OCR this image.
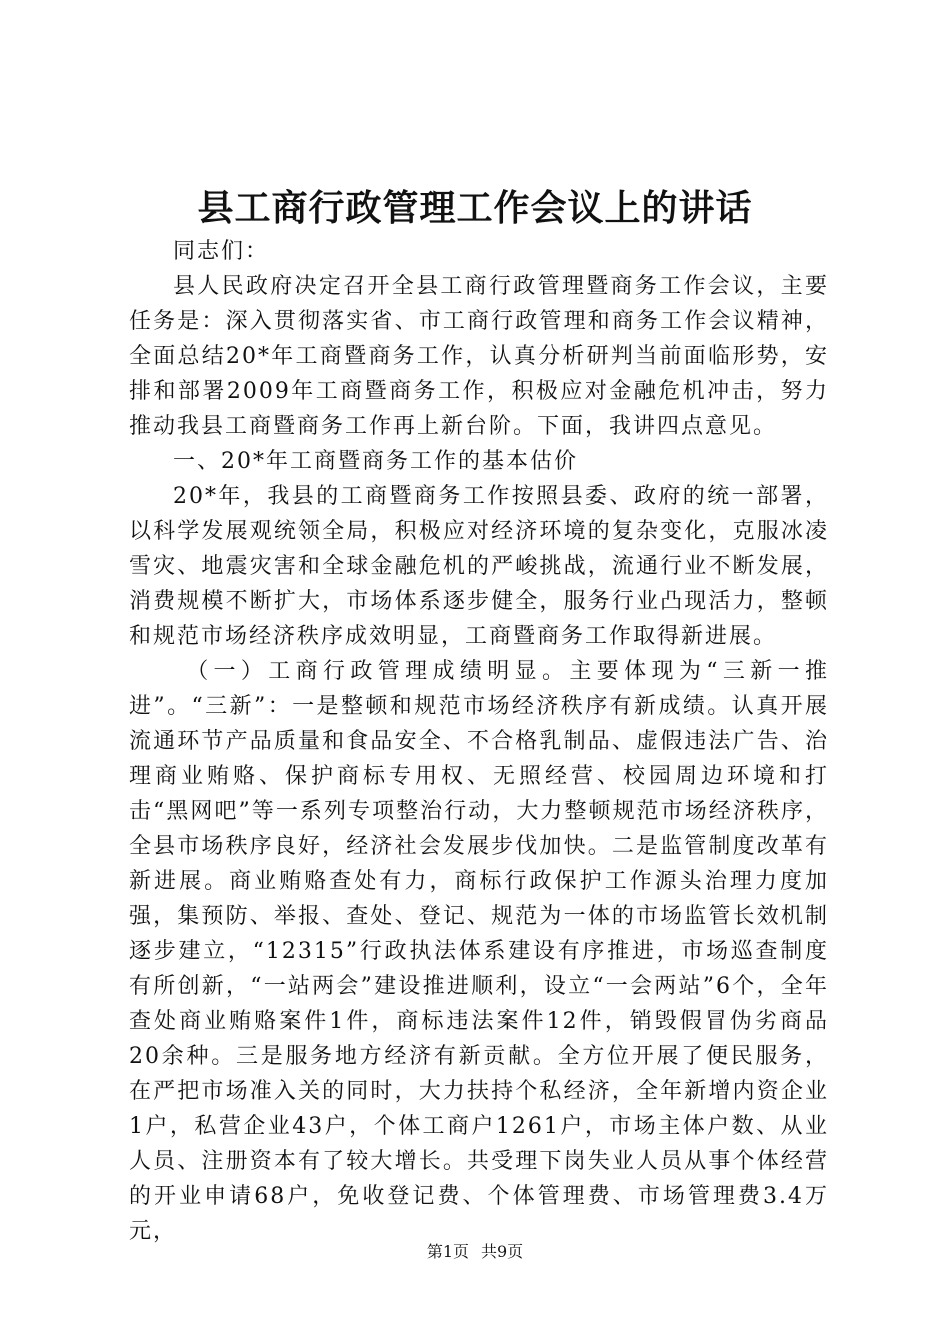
县工商行政管理工作会议上的讲话

同志们：

县人民政府决定召开全县工商行政管理暨商务工作会议，主要任务是：深入贯彻落实省、市工商行政管理和商务工作会议精神，全面总结20*年工商暨商务工作，认真分析研判当前面临形势，安排和部署2009年工商暨商务工作，积极应对金融危机冲击，努力推动我县工商暨商务工作再上新台阶。下面，我讲四点意见。

一、20*年工商暨商务工作的基本估价

20*年，我县的工商暨商务工作按照县委、政府的统一部署，以科学发展观统领全局，积极应对经济环境的复杂变化，克服冰凌雪灾、地震灾害和全球金融危机的严峻挑战，流通行业不断发展，消费规模不断扩大，市场体系逐步健全，服务行业凸现活力，整顿和规范市场经济秩序成效明显，工商暨商务工作取得新进展。

（一）工商行政管理成绩明显。主要体现为“三新一推进”。“三新”：一是整顿和规范市场经济秩序有新成绩。认真开展流通环节产品质量和食品安全、不合格乳制品、虚假违法广告、治理商业贿赂、保护商标专用权、无照经营、校园周边环境和打击“黑网吧”等一系列专项整治行动，大力整顿规范市场经济秩序，全县市场秩序良好，经济社会发展步伐加快。二是监管制度改革有新进展。商业贿赂查处有力，商标行政保护工作源头治理力度加强，集预防、举报、查处、登记、规范为一体的市场监管长效机制逐步建立，“12315”行政执法体系建设有序推进，市场巡查制度有所创新，“一站两会”建设推进顺利，设立“一会两站”6个，全年查处商业贿赂案件1件，商标违法案件12件，销毁假冒伪劣商品20余种。三是服务地方经济有新贡献。全方位开展了便民服务，在严把市场准入关的同时，大力扶持个私经济，全年新增内资企业1户，私营企业43户，个体工商户1261户，市场主体户数、从业人员、注册资本有了较大增长。共受理下岗失业人员从事个体经营的开业申请68户，免收登记费、个体管理费、市场管理费3.4万元，

第1页 共9页
